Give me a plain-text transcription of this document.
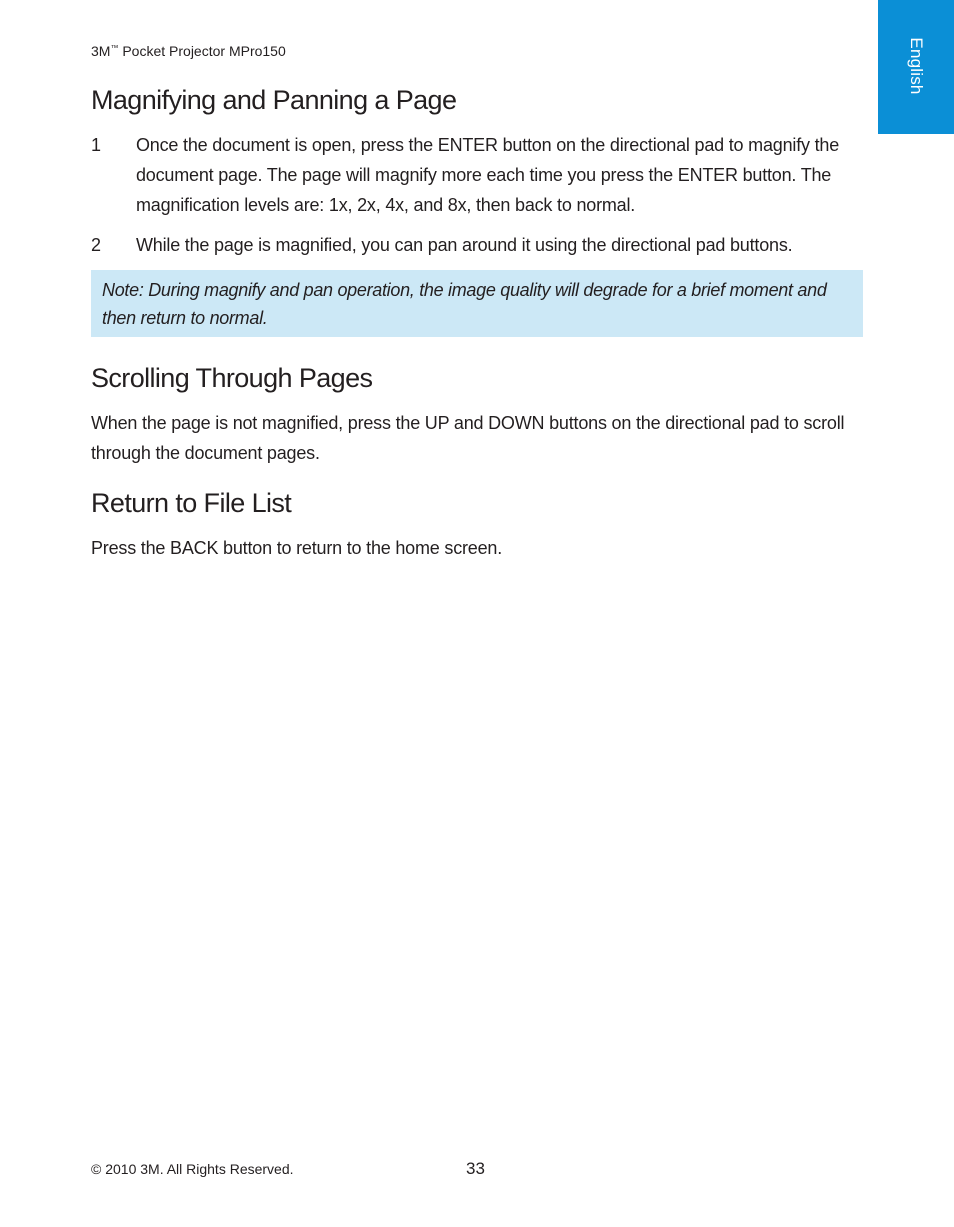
English
3M™ Pocket Projector MPro150
Magnifying and Panning a Page
1	Once the document is open, press the ENTER button on the directional pad to magnify the document page. The page will magnify more each time you press the ENTER button. The magnification levels are: 1x, 2x, 4x, and 8x, then back to normal.
2	While the page is magnified, you can pan around it using the directional pad buttons.
Note: During magnify and pan operation, the image quality will degrade for a brief moment and then return to normal.
Scrolling Through Pages

When the page is not magnified, press the UP and DOWN buttons on the directional pad to scroll through the document pages.

Return to File List

Press the BACK button to return to the home screen.

© 2010 3M. All Rights Reserved.	33
